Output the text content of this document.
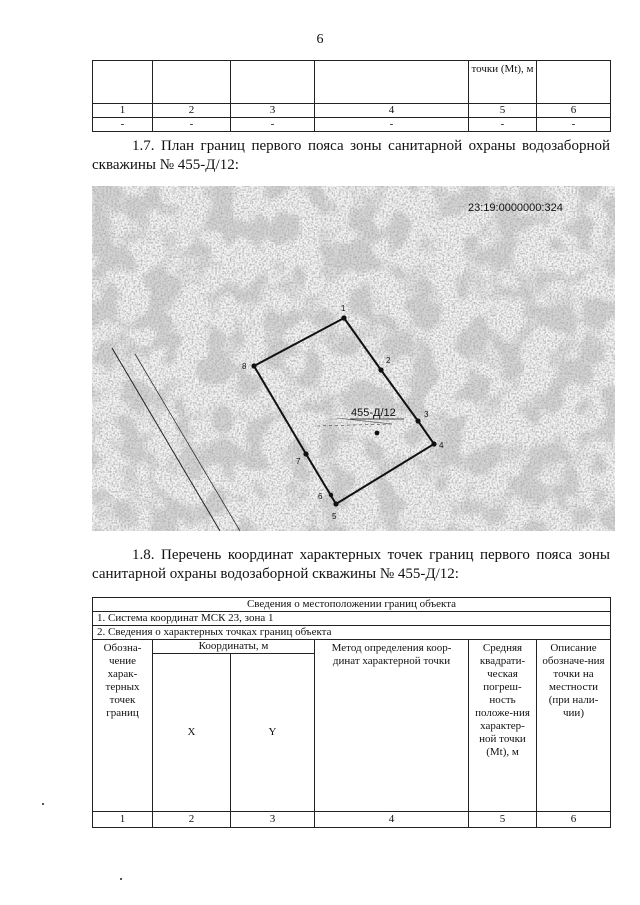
6
				точки (Mt), м	
1	2	3	4	5	6
-	-	-	-	-	-
1.7. План границ первого пояса зоны санитарной охраны водозаборной скважины № 455-Д/12:
1
2
3
4
5
6
7
8
455-Д/12
23:19:0000000:324
1.8. Перечень координат характерных точек границ первого пояса зоны санитарной охраны водозаборной скважины № 455-Д/12:
Сведения о местоположении границ объекта					
1. Система координат МСК 23, зона 1					
2. Сведения о характерных точках границ объекта					
Обозна-чение харак-терных точек границ	Координаты, м		Метод определения коор-динат характерной точки	Средняя квадрати-ческая погреш-ность положе-ния характер-ной точки (Mt), м	Описание обозначе-ния точки на местности (при нали-чии)
	X	Y			
1	2	3	4	5	6
